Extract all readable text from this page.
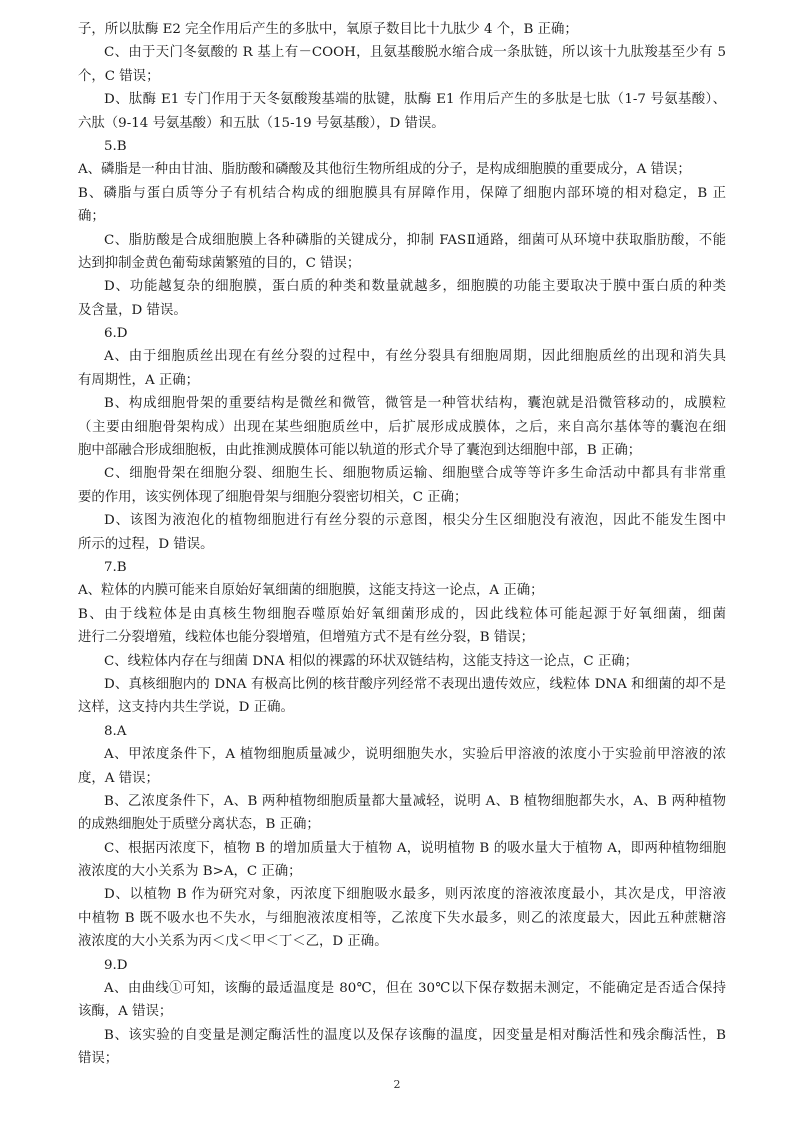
子，所以肽酶 E2 完全作用后产生的多肽中，氧原子数目比十九肽少 4 个，B 正确；
C、由于天门冬氨酸的 R 基上有－COOH，且氨基酸脱水缩合成一条肽链，所以该十九肽羧基至少有 5
个，C 错误；
D、肽酶 E1 专门作用于天冬氨酸羧基端的肽键，肽酶 E1 作用后产生的多肽是七肽（1-7 号氨基酸）、
六肽（9-14 号氨基酸）和五肽（15-19 号氨基酸），D 错误。
5.B
A、磷脂是一种由甘油、脂肪酸和磷酸及其他衍生物所组成的分子，是构成细胞膜的重要成分，A 错误；
B、磷脂与蛋白质等分子有机结合构成的细胞膜具有屏障作用，保障了细胞内部环境的相对稳定，B 正
确；
C、脂肪酸是合成细胞膜上各种磷脂的关键成分，抑制 FASⅡ通路，细菌可从环境中获取脂肪酸，不能
达到抑制金黄色葡萄球菌繁殖的目的，C 错误；
D、功能越复杂的细胞膜，蛋白质的种类和数量就越多，细胞膜的功能主要取决于膜中蛋白质的种类
及含量，D 错误。
6.D
A、由于细胞质丝出现在有丝分裂的过程中，有丝分裂具有细胞周期，因此细胞质丝的出现和消失具
有周期性，A 正确；
B、构成细胞骨架的重要结构是微丝和微管，微管是一种管状结构，囊泡就是沿微管移动的，成膜粒
（主要由细胞骨架构成）出现在某些细胞质丝中，后扩展形成成膜体，之后，来自高尔基体等的囊泡在细
胞中部融合形成细胞板，由此推测成膜体可能以轨道的形式介导了囊泡到达细胞中部，B 正确；
C、细胞骨架在细胞分裂、细胞生长、细胞物质运输、细胞壁合成等等许多生命活动中都具有非常重
要的作用，该实例体现了细胞骨架与细胞分裂密切相关，C 正确；
D、该图为液泡化的植物细胞进行有丝分裂的示意图，根尖分生区细胞没有液泡，因此不能发生图中
所示的过程，D 错误。
7.B
A、粒体的内膜可能来自原始好氧细菌的细胞膜，这能支持这一论点，A 正确；
B、由于线粒体是由真核生物细胞吞噬原始好氧细菌形成的，因此线粒体可能起源于好氧细菌，细菌
进行二分裂增殖，线粒体也能分裂增殖，但增殖方式不是有丝分裂，B 错误；
C、线粒体内存在与细菌 DNA 相似的裸露的环状双链结构，这能支持这一论点，C 正确；
D、真核细胞内的 DNA 有极高比例的核苷酸序列经常不表现出遗传效应，线粒体 DNA 和细菌的却不是
这样，这支持内共生学说，D 正确。
8.A
A、甲浓度条件下，A 植物细胞质量减少，说明细胞失水，实验后甲溶液的浓度小于实验前甲溶液的浓
度，A 错误；
B、乙浓度条件下，A、B 两种植物细胞质量都大量减轻，说明 A、B 植物细胞都失水，A、B 两种植物
的成熟细胞处于质壁分离状态，B 正确；
C、根据丙浓度下，植物 B 的增加质量大于植物 A，说明植物 B 的吸水量大于植物 A，即两种植物细胞
液浓度的大小关系为 B>A，C 正确；
D、以植物 B 作为研究对象，丙浓度下细胞吸水最多，则丙浓度的溶液浓度最小，其次是戊，甲溶液
中植物 B 既不吸水也不失水，与细胞液浓度相等，乙浓度下失水最多，则乙的浓度最大，因此五种蔗糖溶
液浓度的大小关系为丙＜戊＜甲＜丁＜乙，D 正确。
9.D
A、由曲线①可知，该酶的最适温度是 80℃，但在 30℃以下保存数据未测定，不能确定是否适合保持
该酶，A 错误；
B、该实验的自变量是测定酶活性的温度以及保存该酶的温度，因变量是相对酶活性和残余酶活性，B
错误；
2
